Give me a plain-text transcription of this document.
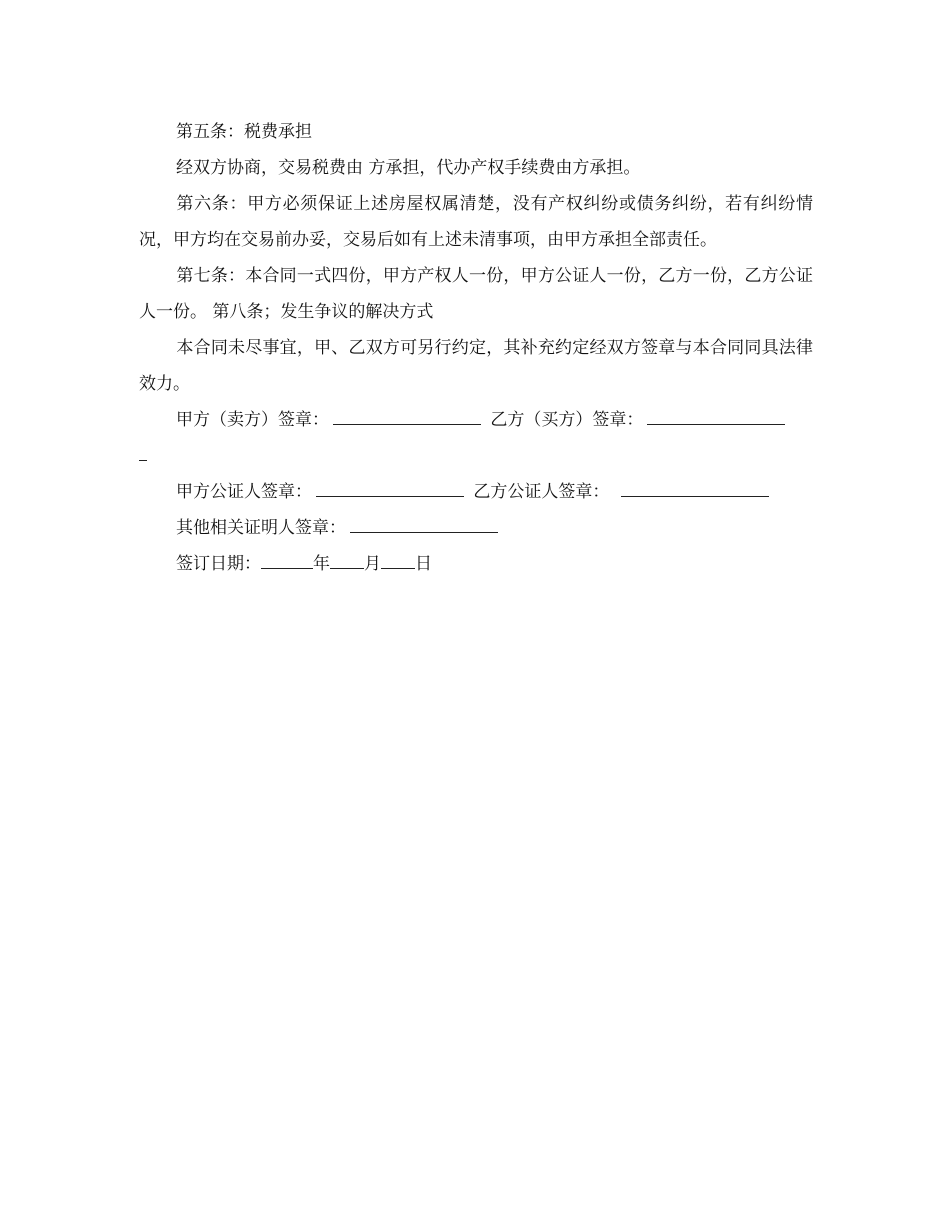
第五条：税费承担

经双方协商，交易税费由 方承担，代办产权手续费由方承担。

第六条：甲方必须保证上述房屋权属清楚，没有产权纠纷或债务纠纷，若有纠纷情况，甲方均在交易前办妥，交易后如有上述未清事项，由甲方承担全部责任。

第七条：本合同一式四份，甲方产权人一份，甲方公证人一份，乙方一份，乙方公证人一份。 第八条；发生争议的解决方式

本合同未尽事宜，甲、乙双方可另行约定，其补充约定经双方签章与本合同同具法律效力。

甲方（卖方）签章：	乙方（买方）签章：

甲方公证人签章：	乙方公证人签章：

其他相关证明人签章：

签订日期：	年 月 日
